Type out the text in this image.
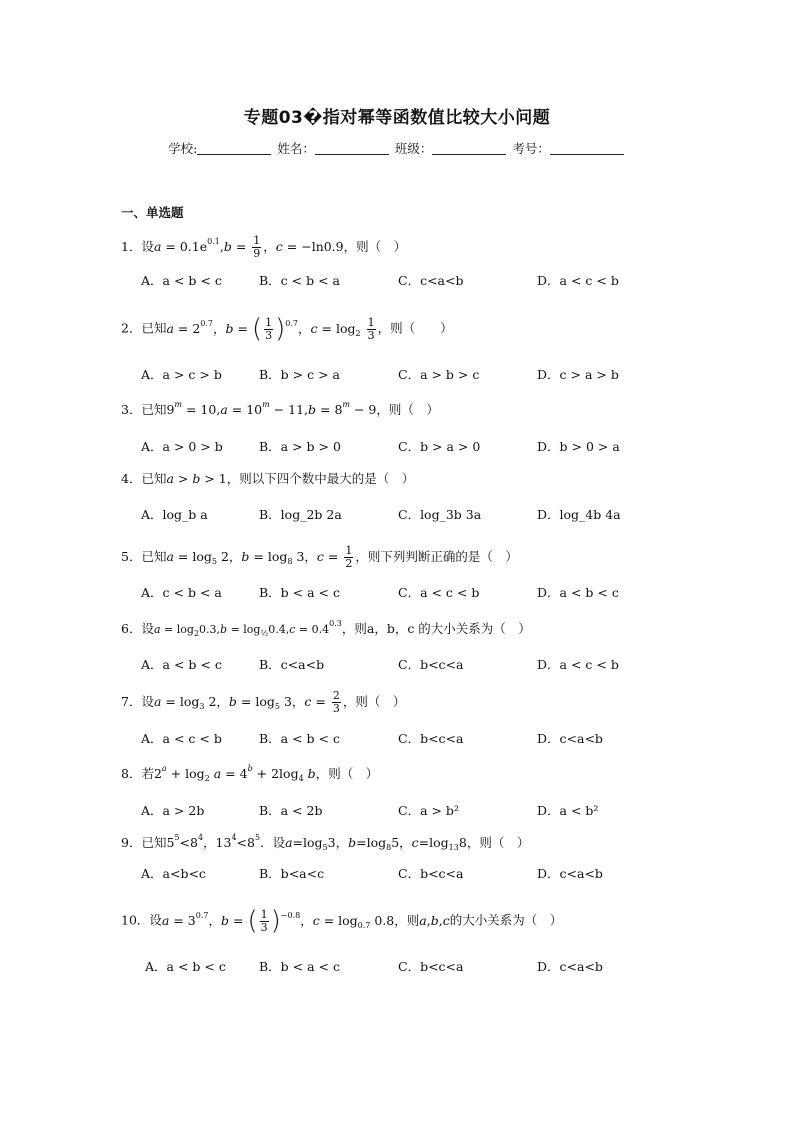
专题03�指对幂等函数值比较大小问题
学校:	姓名：	班级：	考号：
一、单选题
1．设$a = 0.1e^{0.1},b = \frac{1}{9}$ ，c = −ln0.9，则（　）
A．a < b < c	B．c < b < a	C．c<a<b	D．a < c < b
2．已知$a = 2^{0.7}$，b = ( $\frac{1}{3}$ ) $^{0.7}$，$c = \log_2 \frac{1}{3}$ ，则（　　）
A．a > c > b	B．b > c > a	C．a > b > c	D．c > a > b
3．已知$9^m = 10,a = 10^m - 11,b = 8^m - 9$，则（　）
A．a > 0 > b	B．a > b > 0	C．b > a > 0	D．b > 0 > a
4．已知a > b > 1，则以下四个数中最大的是（　）
A．log_b a	B．log_2b 2a	C．log_3b 3a	D．log_4b 4a
5．已知$a = \log_5 2$，$b = \log_8 3$，$c = \frac{1}{2}$ ，则下列判断正确的是（　）
A．c < b < a	B．b < a < c	C．a < c < b	D．a < b < c
6．设$a = \log_20.3,b = \log_{\frac{1}{2}}0.4,c = 0.4^{0.3}$，则a，b，c 的大小关系为（　）
A．a < b < c	B．c<a<b	C．b<c<a	D．a < c < b
7．设$a = \log_3 2$，$b = \log_5 3$，$c = \frac{2}{3}$ ，则（　）
A．a < c < b	B．a < b < c	C．b<c<a	D．c<a<b
8．若$2^a + \log_2 a = 4^b + 2\log_4$ b，则（　）
A．a > 2b	B．a < 2b	C．a > b²	D．a < b²
9．已知$5^5<8^4$，$13^4<8^5$．设$a=\log_53$，$b=\log_85$，$c=\log_{13}8$，则（　）
A．a<b<c	B．b<a<c	C．b<c<a	D．c<a<b
10．设$a = 3^{0.7}$，b = ( $\frac{1}{3}$ ) $^{-0.8}$，$c = \log_{0.7} 0.8$，则a,b,c的大小关系为（　）
A．a < b < c	B．b < a < c	C．b<c<a	D．c<a<b
